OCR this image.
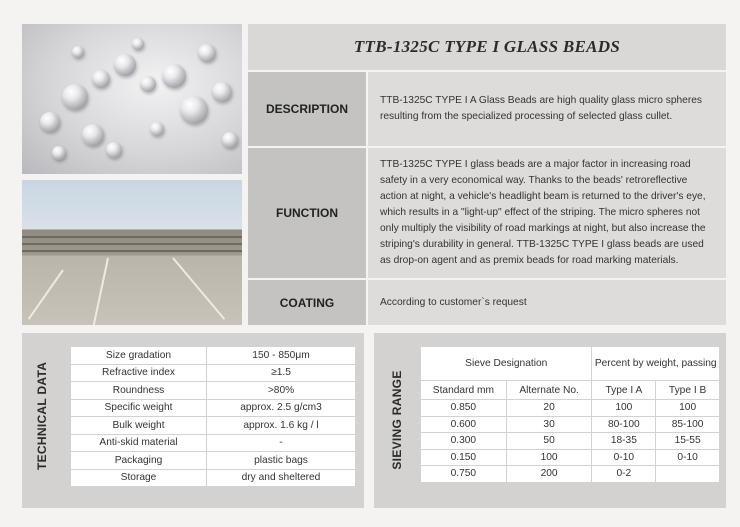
TTB-1325C TYPE I GLASS BEADS
DESCRIPTION
TTB-1325C TYPE I A Glass Beads are high quality glass micro spheres resulting from the specialized processing of selected glass cullet.
FUNCTION
TTB-1325C TYPE I glass beads are a major factor in increasing road safety in a very economical way. Thanks to the beads' retroreflective action at night, a vehicle's headlight beam is returned to the driver's eye, which results in a "light-up" effect of the striping. The micro spheres not only multiply the visibility of road markings at night, but also increase the striping's durability in general. TTB-1325C TYPE I glass beads are used as drop-on agent and as premix beads for road marking materials.
COATING	According to customer`s request
TECHNICAL DATA
Size gradation	150 - 850μm
Refractive index	≥1.5
Roundness	>80%
Specific weight	approx. 2.5 g/cm3
Bulk weight	approx. 1.6 kg / l
Anti-skid material	-
Packaging	plastic bags
Storage	dry and sheltered
SIEVING RANGE
Sieve Designation		Percent by weight, passing	
Standard mm	Alternate No.	Type I A	Type I B
0.850	20	100	100
0.600	30	80-100	85-100
0.300	50	18-35	15-55
0.150	100	0-10	0-10
0.750	200	0-2	
